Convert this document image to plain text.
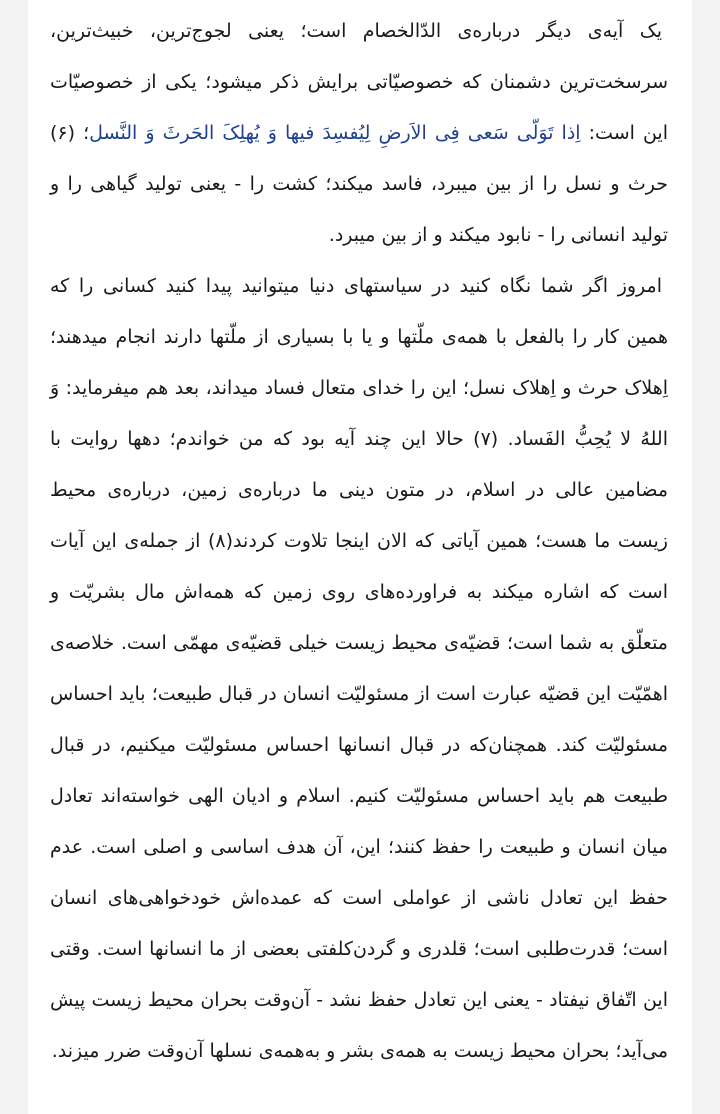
یک آیه‌ی دیگر درباره‌ی الدّالخصام است؛ یعنی لجوج‌ترین، خبیث‌ترین، سرسخت‌ترین دشمنان که خصوصیّاتی برایش ذکر میشود؛ یکی از خصوصیّات این است: اِذا تَوَلّی سَعی فِی الاَرضِ لِیُفسِدَ فیها وَ یُهلِکَ الحَرثَ وَ النَّسل؛ (۶) حرث و نسل را از بین میبرد، فاسد میکند؛ کشت را - یعنی تولید گیاهی را و تولید انسانی را - نابود میکند و از بین میبرد.

امروز اگر شما نگاه کنید در سیاستهای دنیا میتوانید پیدا کنید کسانی را که همین کار را بالفعل با همه‌ی ملّتها و یا با بسیاری از ملّتها دارند انجام میدهند؛ اِهلاک حرث و اِهلاک نسل؛ این را خدای متعال فساد میداند، بعد هم میفرماید: وَ اللهُ لا یُحِبُّ الفَساد. (۷) حالا این چند آیه بود که من خواندم؛ دهها روایت با مضامین عالی در اسلام، در متون دینی ما درباره‌ی زمین، درباره‌ی محیط زیست ما هست؛ همین آیاتی که الان اینجا تلاوت کردند(۸) از جمله‌ی این آیات است که اشاره میکند به فراورده‌های روی زمین که همه‌اش مال بشریّت و متعلّق به شما است؛ قضیّه‌ی محیط زیست خیلی قضیّه‌ی مهمّی است. خلاصه‌ی اهمّیّت این قضیّه عبارت است از مسئولیّت انسان در قبال طبیعت؛ باید احساس مسئولیّت کند. همچنان‌که در قبال انسانها احساس مسئولیّت میکنیم، در قبال طبیعت هم باید احساس مسئولیّت کنیم. اسلام و ادیان الهی خواسته‌اند تعادل میان انسان و طبیعت را حفظ کنند؛ این، آن هدف اساسی و اصلی است. عدم حفظ این تعادل ناشی از عواملی است که عمده‌اش خودخواهی‌های انسان است؛ قدرت‌طلبی است؛ قلدری و گردن‌کلفتی بعضی از ما انسانها است. وقتی این اتّفاق نیفتاد - یعنی این تعادل حفظ نشد - آن‌وقت بحران محیط زیست پیش می‌آید؛ بحران محیط زیست به همه‌ی بشر و به‌همه‌ی نسلها آن‌وقت ضرر میزند.
